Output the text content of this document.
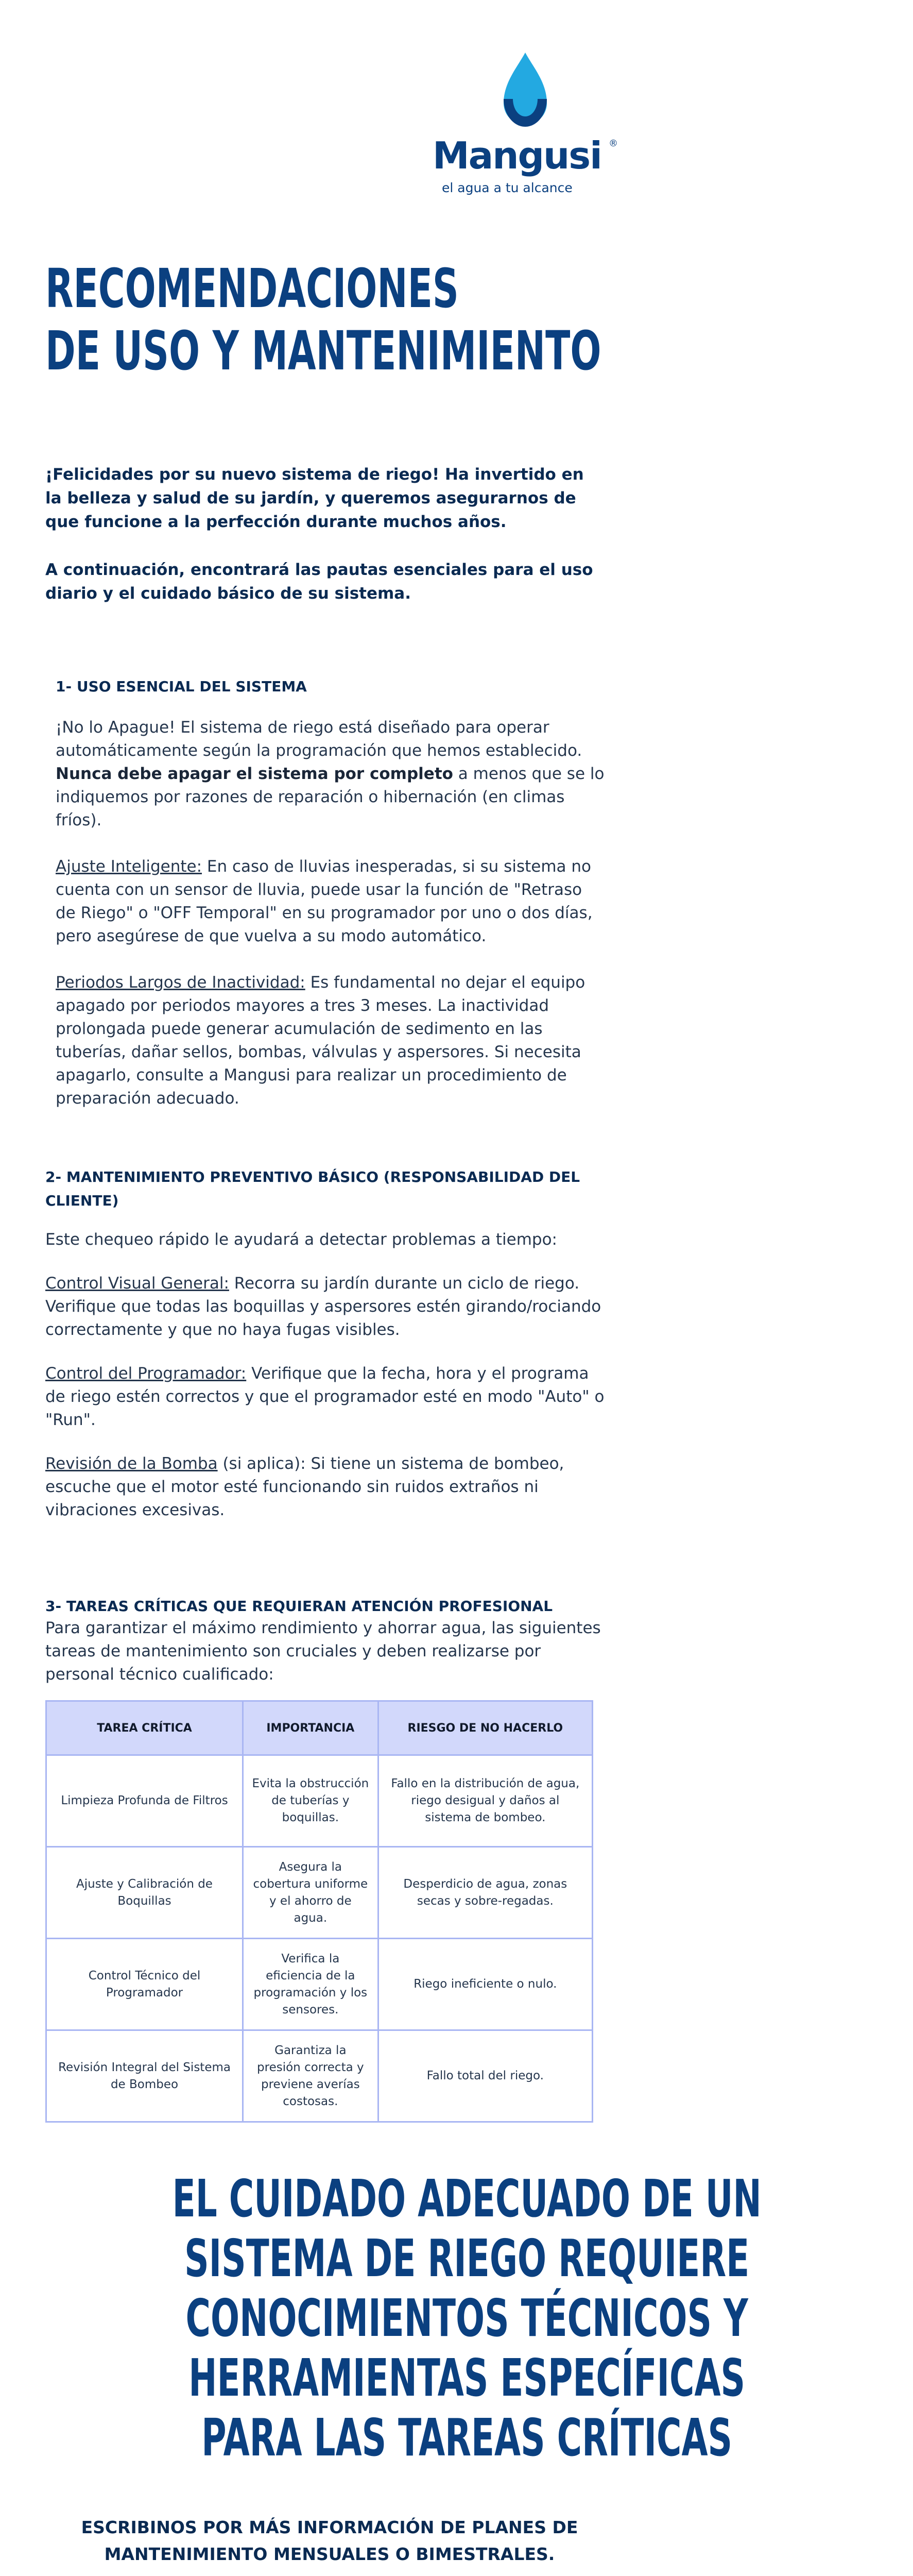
Mangusi ®
el agua a tu alcance
RECOMENDACIONES
DE USO Y MANTENIMIENTO

¡Felicidades por su nuevo sistema de riego! Ha invertido en la belleza y salud de su jardín, y queremos asegurarnos de que funcione a la perfección durante muchos años.

A continuación, encontrará las pautas esenciales para el uso diario y el cuidado básico de su sistema.

1- USO ESENCIAL DEL SISTEMA

¡No lo Apague! El sistema de riego está diseñado para operar automáticamente según la programación que hemos establecido. Nunca debe apagar el sistema por completo a menos que se lo indiquemos por razones de reparación o hibernación (en climas fríos).

Ajuste Inteligente: En caso de lluvias inesperadas, si su sistema no cuenta con un sensor de lluvia, puede usar la función de "Retraso de Riego" o "OFF Temporal" en su programador por uno o dos días, pero asegúrese de que vuelva a su modo automático.

Periodos Largos de Inactividad: Es fundamental no dejar el equipo apagado por periodos mayores a tres 3 meses. La inactividad prolongada puede generar acumulación de sedimento en las tuberías, dañar sellos, bombas, válvulas y aspersores. Si necesita apagarlo, consulte a Mangusi para realizar un procedimiento de preparación adecuado.

2- MANTENIMIENTO PREVENTIVO BÁSICO (RESPONSABILIDAD DEL CLIENTE)

Este chequeo rápido le ayudará a detectar problemas a tiempo:

Control Visual General: Recorra su jardín durante un ciclo de riego. Verifique que todas las boquillas y aspersores estén girando/rociando correctamente y que no haya fugas visibles.

Control del Programador: Verifique que la fecha, hora y el programa de riego estén correctos y que el programador esté en modo "Auto" o "Run".

Revisión de la Bomba (si aplica): Si tiene un sistema de bombeo, escuche que el motor esté funcionando sin ruidos extraños ni vibraciones excesivas.

3- TAREAS CRÍTICAS QUE REQUIERAN ATENCIÓN PROFESIONAL

Para garantizar el máximo rendimiento y ahorrar agua, las siguientes tareas de mantenimiento son cruciales y deben realizarse por personal técnico cualificado:

TAREA CRÍTICA	IMPORTANCIA	RIESGO DE NO HACERLO
Limpieza Profunda de Filtros	Evita la obstrucción de tuberías y boquillas.	Fallo en la distribución de agua, riego desigual y daños al sistema de bombeo.
Ajuste y Calibración de Boquillas	Asegura la cobertura uniforme y el ahorro de agua.	Desperdicio de agua, zonas secas y sobre-regadas.
Control Técnico del Programador	Verifica la eficiencia de la programación y los sensores.	Riego ineficiente o nulo.
Revisión Integral del Sistema de Bombeo	Garantiza la presión correcta y previene averías costosas.	Fallo total del riego.
EL CUIDADO ADECUADO DE UN
SISTEMA DE RIEGO REQUIERE
CONOCIMIENTOS TÉCNICOS Y
HERRAMIENTAS ESPECÍFICAS
PARA LAS TAREAS CRÍTICAS

ESCRIBINOS POR MÁS INFORMACIÓN DE PLANES DE
MANTENIMIENTO MENSUALES O BIMESTRALES.
